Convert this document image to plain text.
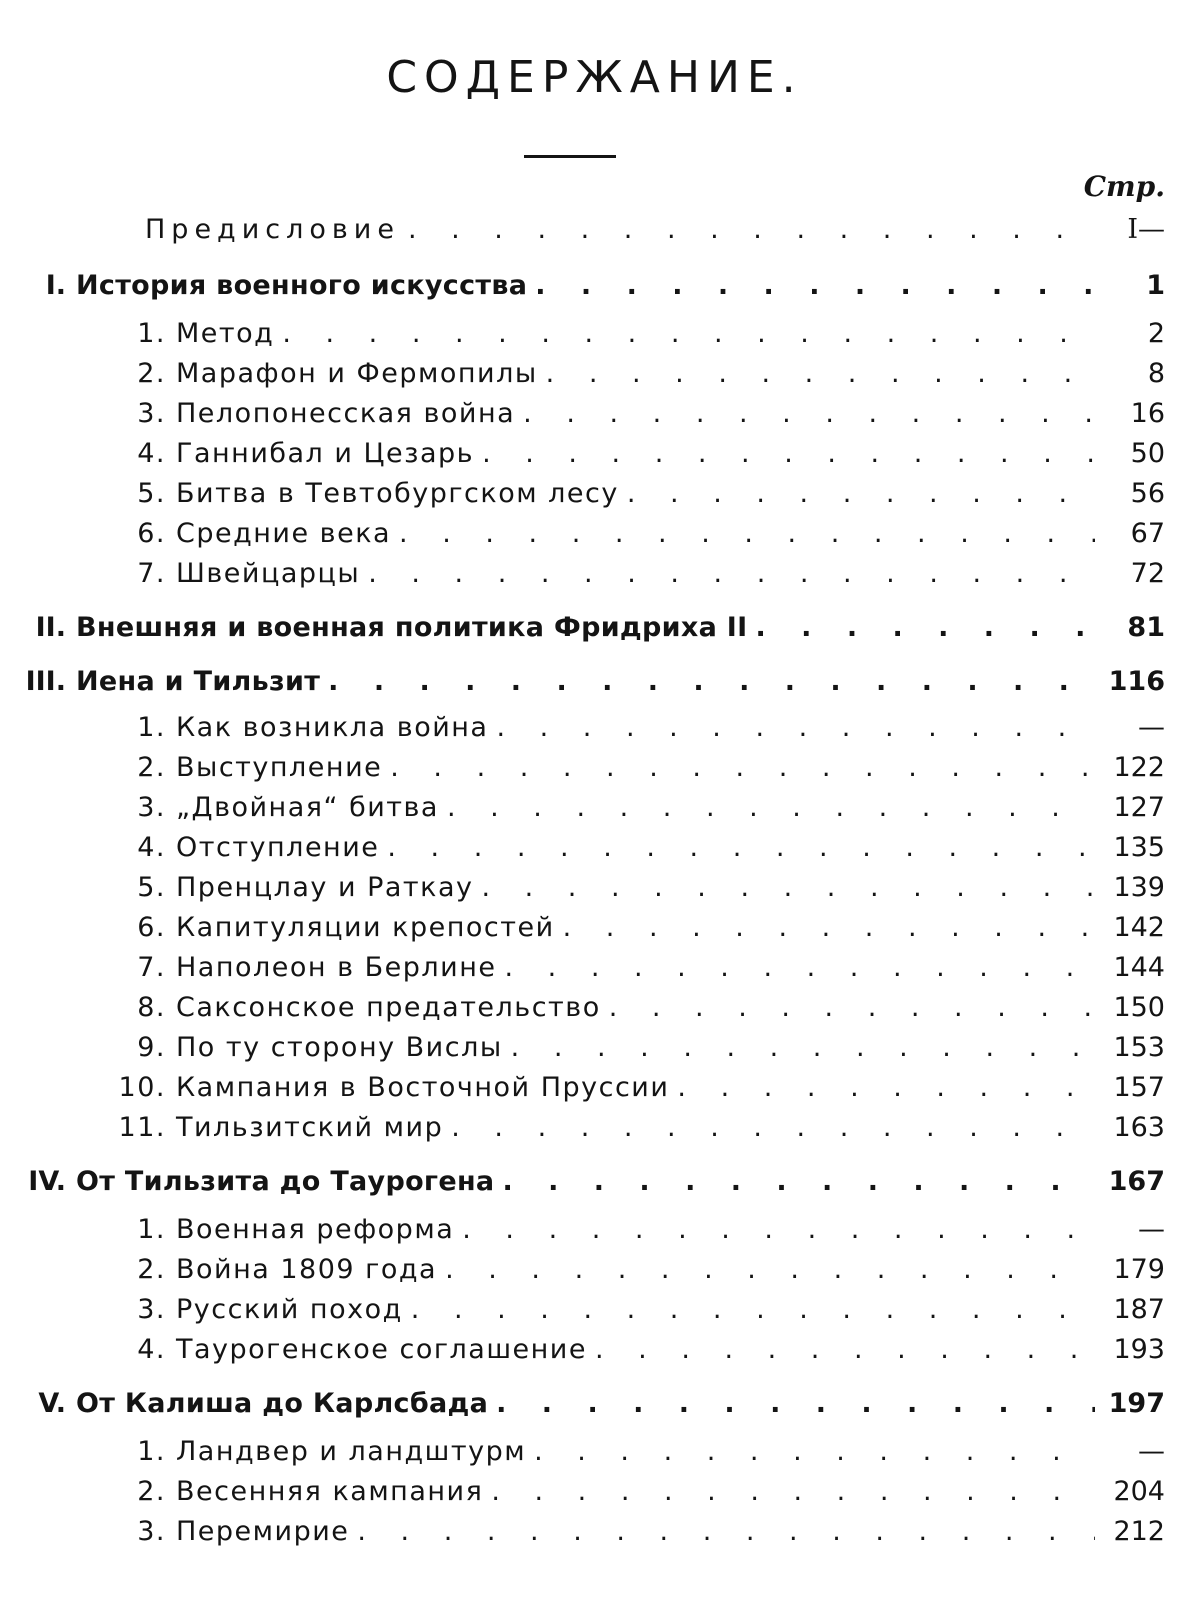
СОДЕРЖАНИЕ.
Стр.
Предисловие . . .	I—
I. История военного искусства . . .	1
1. Метод . . .	2
2. Марафон и Фермопилы . . .	8
3. Пелопонесская война . . .	16
4. Ганнибал и Цезарь . . .	50
5. Битва в Тевтобургском лесу . . .	56
6. Средние века . . .	67
7. Швейцарцы . . .	72
II. Внешняя и военная политика Фридриха II . . .	81
III. Иена и Тильзит . . .	116
1. Как возникла война . . .	—
2. Выступление . . .	122
3. „Двойная“ битва . . .	127
4. Отступление . . .	135
5. Пренцлау и Раткау . . .	139
6. Капитуляции крепостей . . .	142
7. Наполеон в Берлине . . .	144
8. Саксонское предательство . . .	150
9. По ту сторону Вислы . . .	153
10. Кампания в Восточной Пруссии . . .	157
11. Тильзитский мир . . .	163
IV. От Тильзита до Таурогена . . .	167
1. Военная реформа . . .	—
2. Война 1809 года . . .	179
3. Русский поход . . .	187
4. Таурогенское соглашение . . .	193
V. От Калиша до Карлсбада . . .	197
1. Ландвер и ландштурм . . .	—
2. Весенняя кампания . . .	204
3. Перемирие . . .	212
